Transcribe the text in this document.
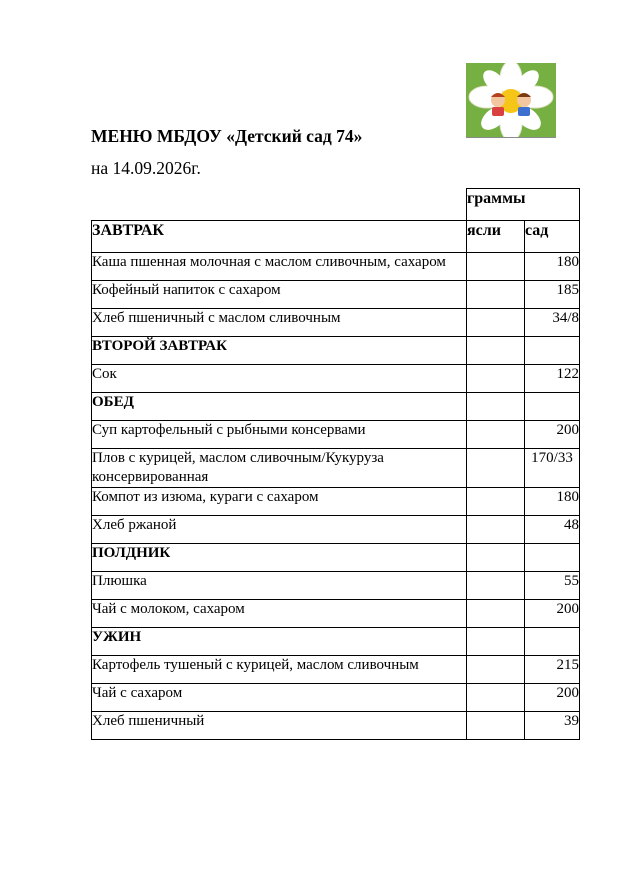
МЕНЮ МБДОУ «Детский сад 74»
на 14.09.2026г.
	граммы	
ЗАВТРАК	ясли	сад
Каша пшенная молочная с маслом сливочным, сахаром		180
Кофейный напиток с сахаром		185
Хлеб пшеничный с маслом сливочным		34/8
ВТОРОЙ ЗАВТРАК		
Сок		122
ОБЕД		
Суп картофельный с рыбными консервами		200
Плов с курицей, маслом сливочным/Кукуруза консервированная		170/33
Компот из изюма, кураги с сахаром		180
Хлеб ржаной		48
ПОЛДНИК		
Плюшка		55
Чай с молоком, сахаром		200
УЖИН		
Картофель тушеный с курицей, маслом сливочным		215
Чай с сахаром		200
Хлеб пшеничный		39
